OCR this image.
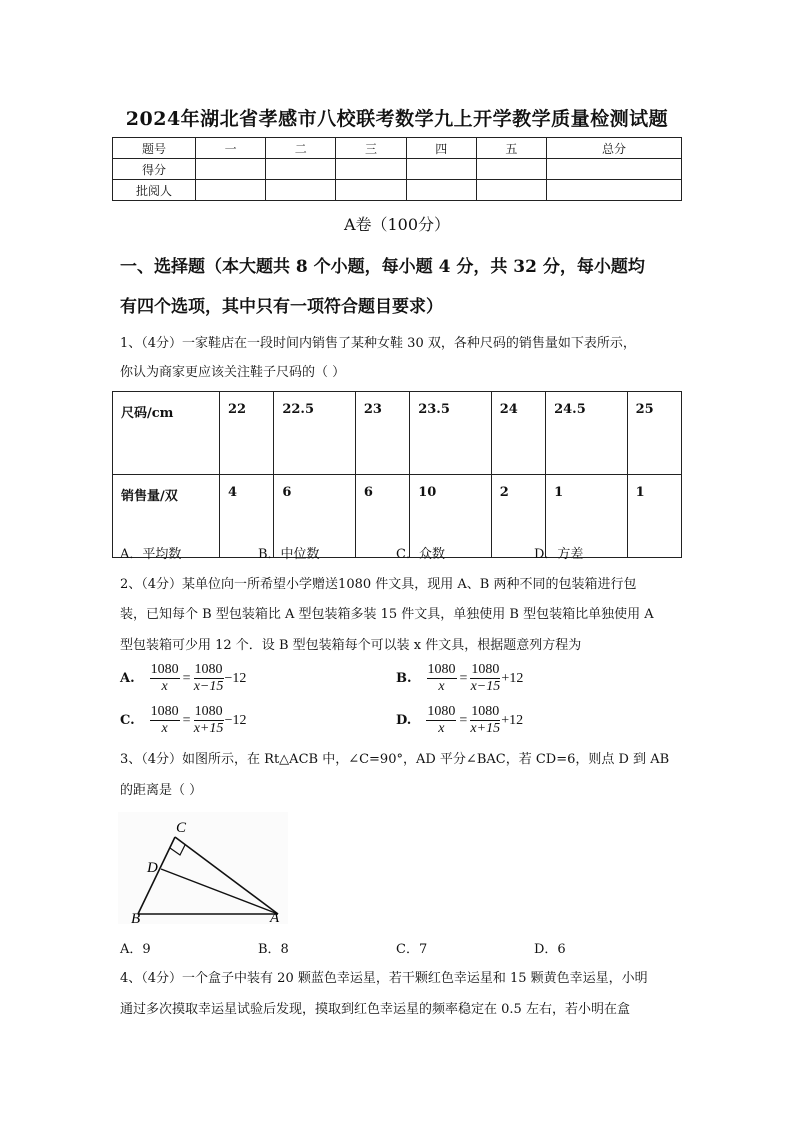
2024年湖北省孝感市八校联考数学九上开学教学质量检测试题
题号	一	二	三	四	五	总分
得分						
批阅人						
A卷（100分）
一、选择题（本大题共 8 个小题，每小题 4 分，共 32 分，每小题均
有四个选项，其中只有一项符合题目要求）
1、（4分）一家鞋店在一段时间内销售了某种女鞋 30 双，各种尺码的销售量如下表所示，
你认为商家更应该关注鞋子尺码的（ ）
尺码/cm	22	22.5	23	23.5	24	24.5	25
销售量/双	4	6	6	10	2	1	1
A．平均数	B．中位数	C．众数	D．方差
2、（4分）某单位向一所希望小学赠送1080 件文具，现用 A、B 两种不同的包装箱进行包
装，已知每个 B 型包装箱比 A 型包装箱多装 15 件文具，单独使用 B 型包装箱比单独使用 A
型包装箱可少用 12 个．设 B 型包装箱每个可以装 x 件文具，根据题意列方程为
A. $\frac{1080}{x} = \frac{1080}{x-15} -12$	B. $\frac{1080}{x} = \frac{1080}{x-15} +12$
C. $\frac{1080}{x} = \frac{1080}{x+15} -12$	D. $\frac{1080}{x} = \frac{1080}{x+15} +12$
3、（4分）如图所示，在 Rt△ACB 中，∠C=90°，AD 平分∠BAC，若 CD=6，则点 D 到 AB
的距离是（ ）
C
D
B	A
A．9	B．8	C．7	D．6
4、（4分）一个盒子中装有 20 颗蓝色幸运星，若干颗红色幸运星和 15 颗黄色幸运星，小明
通过多次摸取幸运星试验后发现，摸取到红色幸运星的频率稳定在 0.5 左右，若小明在盒
